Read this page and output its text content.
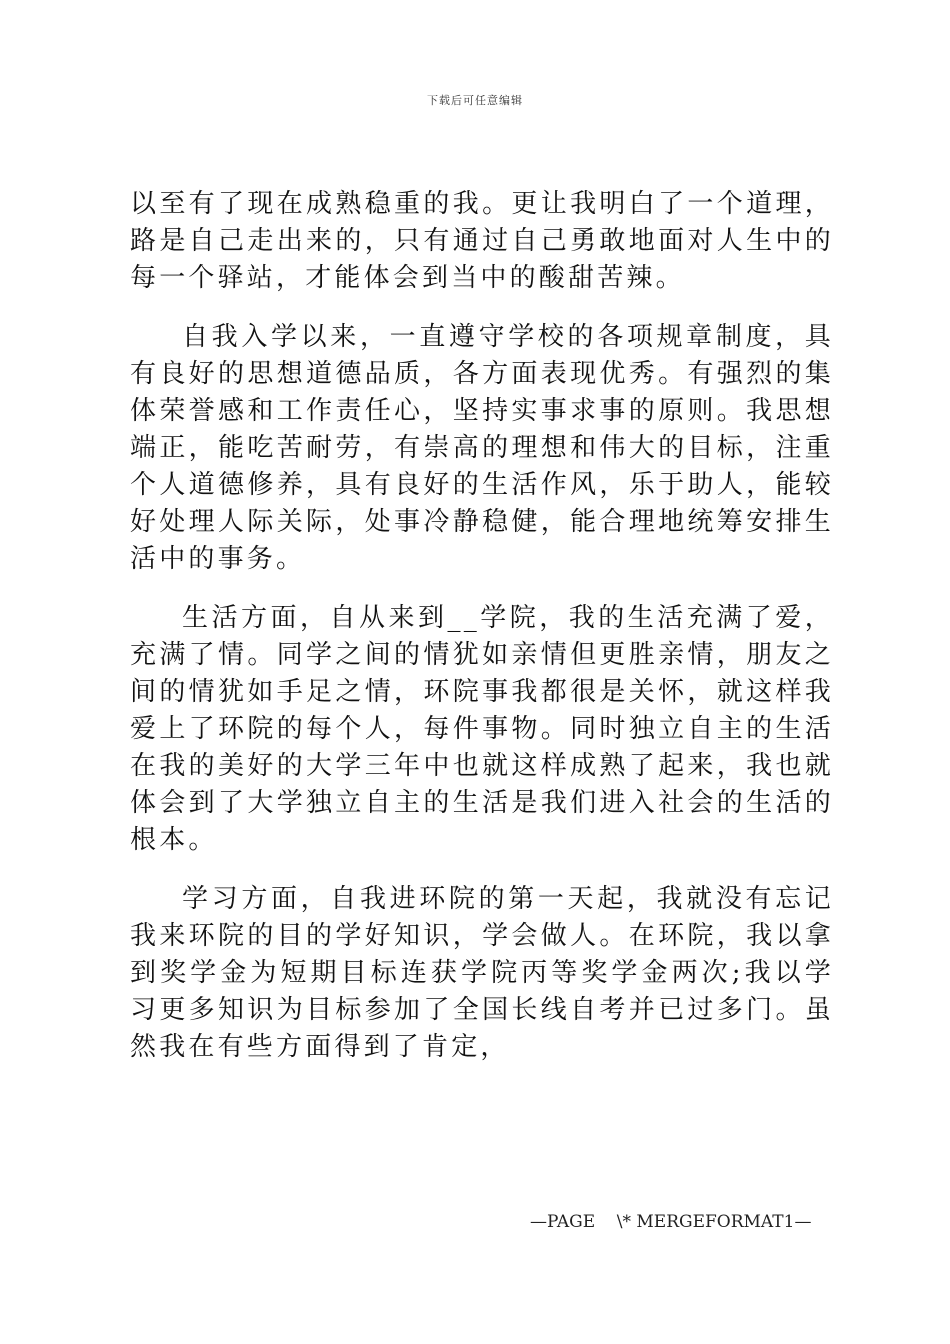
下载后可任意编辑

以至有了现在成熟稳重的我。更让我明白了一个道理，路是自己走出来的，只有通过自己勇敢地面对人生中的每一个驿站，才能体会到当中的酸甜苦辣。

自我入学以来，一直遵守学校的各项规章制度，具有良好的思想道德品质，各方面表现优秀。有强烈的集体荣誉感和工作责任心，坚持实事求事的原则。我思想端正，能吃苦耐劳，有崇高的理想和伟大的目标，注重个人道德修养，具有良好的生活作风，乐于助人，能较好处理人际关际，处事冷静稳健，能合理地统筹安排生活中的事务。

生活方面，自从来到__学院，我的生活充满了爱，充满了情。同学之间的情犹如亲情但更胜亲情，朋友之间的情犹如手足之情，环院事我都很是关怀，就这样我爱上了环院的每个人，每件事物。同时独立自主的生活在我的美好的大学三年中也就这样成熟了起来，我也就体会到了大学独立自主的生活是我们进入社会的生活的根本。

学习方面，自我进环院的第一天起，我就没有忘记我来环院的目的学好知识，学会做人。在环院，我以拿到奖学金为短期目标连获学院丙等奖学金两次;我以学习更多知识为目标参加了全国长线自考并已过多门。虽然我在有些方面得到了肯定，

—PAGE    \* MERGEFORMAT1—
